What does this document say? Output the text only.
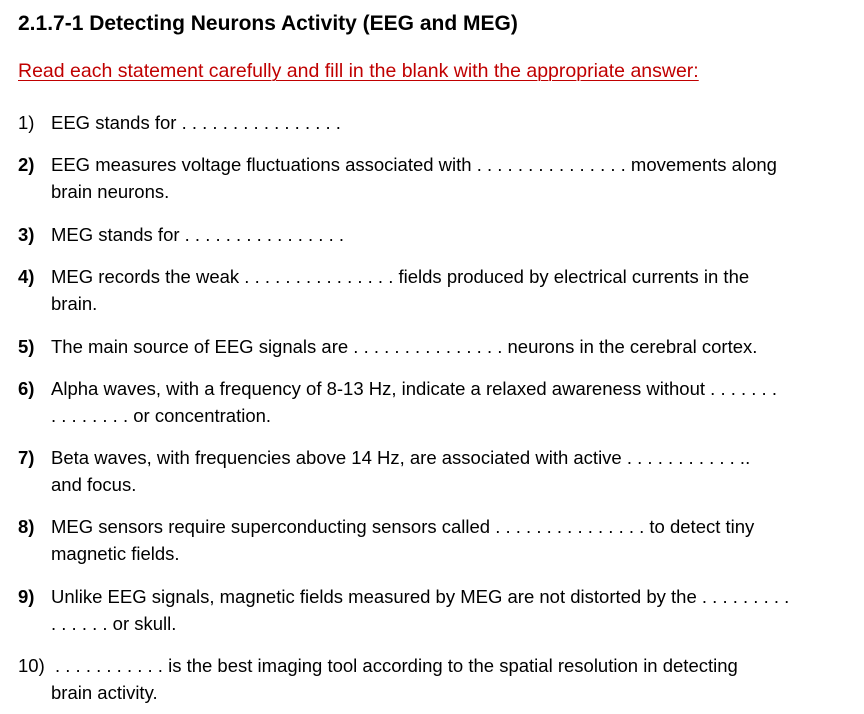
2.1.7-1 Detecting Neurons Activity (EEG and MEG)
Read each statement carefully and fill in the blank with the appropriate answer:
1) EEG stands for . . . . . . . . . . . . . . . .
2) EEG measures voltage fluctuations associated with . . . . . . . . . . . . . . . movements along
brain neurons.
3) MEG stands for . . . . . . . . . . . . . . . .
4) MEG records the weak . . . . . . . . . . . . . . . fields produced by electrical currents in the
brain.
5) The main source of EEG signals are . . . . . . . . . . . . . . . neurons in the cerebral cortex.
6) Alpha waves, with a frequency of 8-13 Hz, indicate a relaxed awareness without . . . . . . .
. . . . . . . . or concentration.
7) Beta waves, with frequencies above 14 Hz, are associated with active . . . . . . . . . . . ..
and focus.
8) MEG sensors require superconducting sensors called . . . . . . . . . . . . . . . to detect tiny
magnetic fields.
9) Unlike EEG signals, magnetic fields measured by MEG are not distorted by the . . . . . . . . .
. . . . . . or skull.
10) . . . . . . . . . . . is the best imaging tool according to the spatial resolution in detecting
brain activity.
